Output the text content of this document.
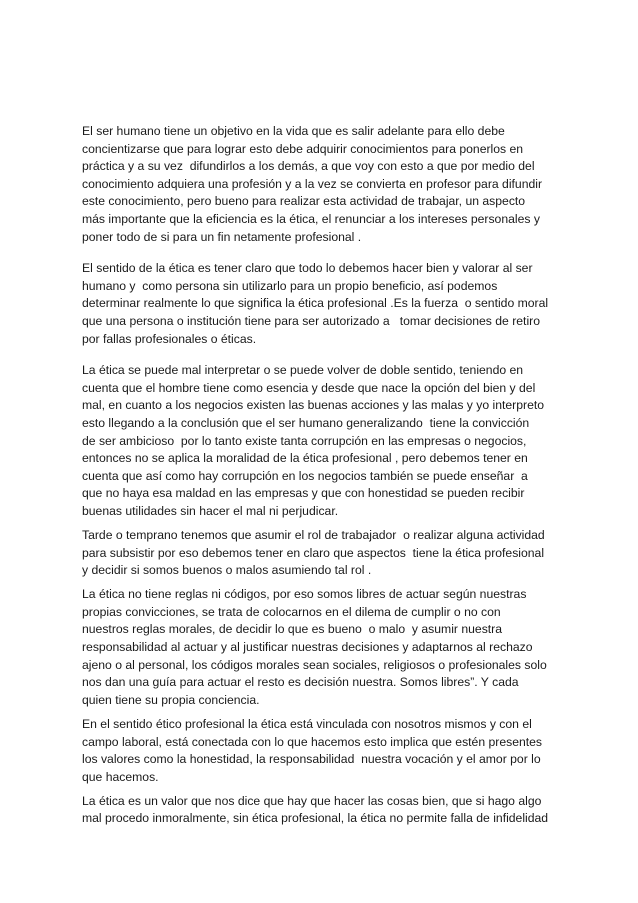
El ser humano tiene un objetivo en la vida que es salir adelante para ello debe
concientizarse que para lograr esto debe adquirir conocimientos para ponerlos en
práctica y a su vez  difundirlos a los demás, a que voy con esto a que por medio del
conocimiento adquiera una profesión y a la vez se convierta en profesor para difundir
este conocimiento, pero bueno para realizar esta actividad de trabajar, un aspecto
más importante que la eficiencia es la ética, el renunciar a los intereses personales y
poner todo de si para un fin netamente profesional .

El sentido de la ética es tener claro que todo lo debemos hacer bien y valorar al ser
humano y  como persona sin utilizarlo para un propio beneficio, así podemos
determinar realmente lo que significa la ética profesional .Es la fuerza  o sentido moral
que una persona o institución tiene para ser autorizado a   tomar decisiones de retiro
por fallas profesionales o éticas.

La ética se puede mal interpretar o se puede volver de doble sentido, teniendo en
cuenta que el hombre tiene como esencia y desde que nace la opción del bien y del
mal, en cuanto a los negocios existen las buenas acciones y las malas y yo interpreto
esto llegando a la conclusión que el ser humano generalizando  tiene la convicción
de ser ambicioso  por lo tanto existe tanta corrupción en las empresas o negocios,
entonces no se aplica la moralidad de la ética profesional , pero debemos tener en
cuenta que así como hay corrupción en los negocios también se puede enseñar  a
que no haya esa maldad en las empresas y que con honestidad se pueden recibir
buenas utilidades sin hacer el mal ni perjudicar.

Tarde o temprano tenemos que asumir el rol de trabajador  o realizar alguna actividad
para subsistir por eso debemos tener en claro que aspectos  tiene la ética profesional
y decidir si somos buenos o malos asumiendo tal rol .

La ética no tiene reglas ni códigos, por eso somos libres de actuar según nuestras
propias convicciones, se trata de colocarnos en el dilema de cumplir o no con
nuestros reglas morales, de decidir lo que es bueno  o malo  y asumir nuestra
responsabilidad al actuar y al justificar nuestras decisiones y adaptarnos al rechazo
ajeno o al personal, los códigos morales sean sociales, religiosos o profesionales solo
nos dan una guía para actuar el resto es decisión nuestra. Somos libres”. Y cada
quien tiene su propia conciencia.

En el sentido ético profesional la ética está vinculada con nosotros mismos y con el
campo laboral, está conectada con lo que hacemos esto implica que estén presentes
los valores como la honestidad, la responsabilidad  nuestra vocación y el amor por lo
que hacemos.

La ética es un valor que nos dice que hay que hacer las cosas bien, que si hago algo
mal procedo inmoralmente, sin ética profesional, la ética no permite falla de infidelidad
